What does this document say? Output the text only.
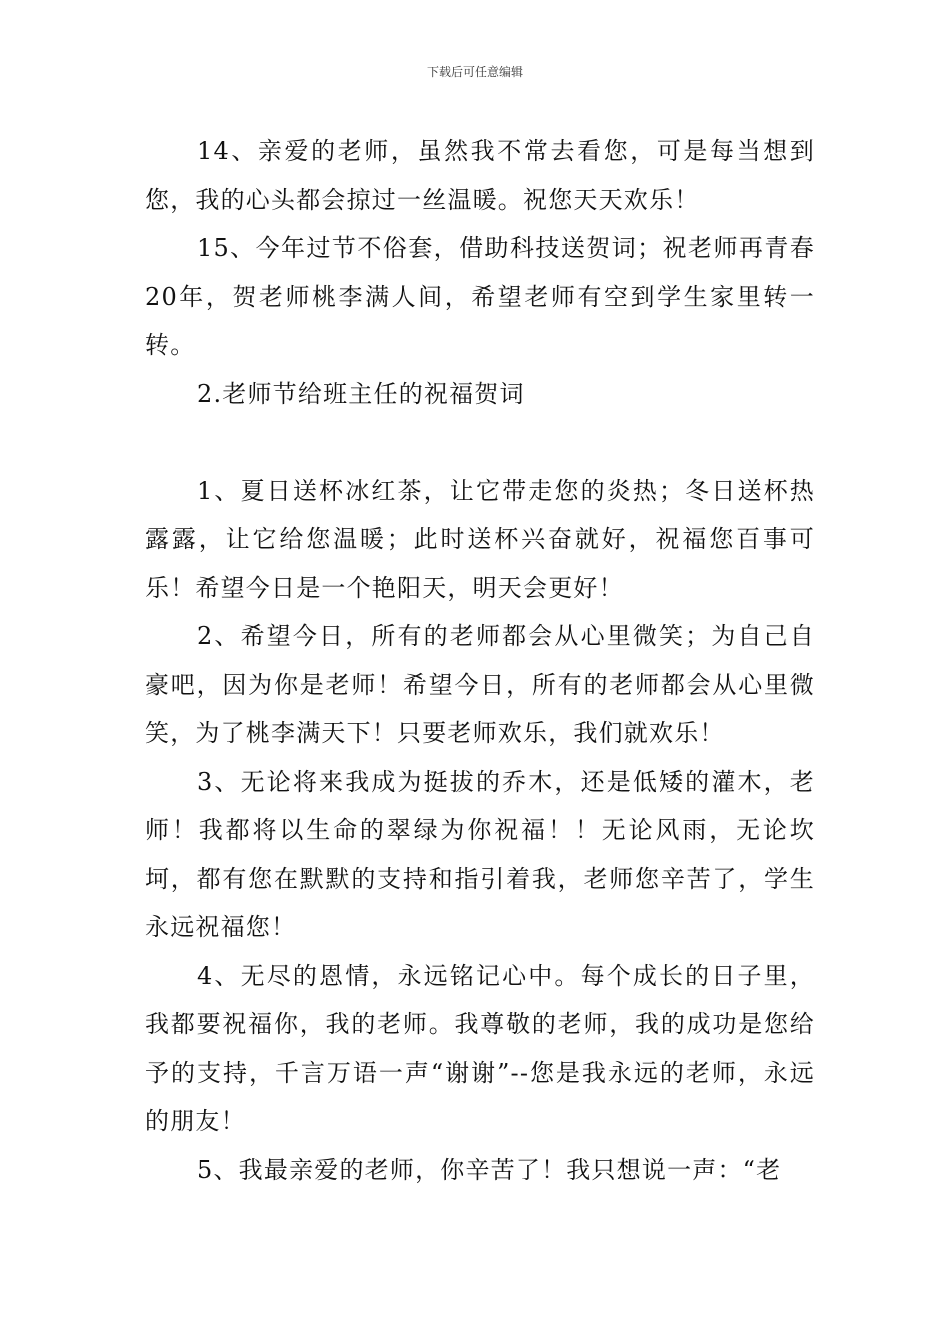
下载后可任意编辑

14、亲爱的老师，虽然我不常去看您，可是每当想到您，我的心头都会掠过一丝温暖。祝您天天欢乐！

15、今年过节不俗套，借助科技送贺词；祝老师再青春20年，贺老师桃李满人间，希望老师有空到学生家里转一转。

2.老师节给班主任的祝福贺词

1、夏日送杯冰红茶，让它带走您的炎热；冬日送杯热露露，让它给您温暖；此时送杯兴奋就好，祝福您百事可乐！希望今日是一个艳阳天，明天会更好！

2、希望今日，所有的老师都会从心里微笑；为自己自豪吧，因为你是老师！希望今日，所有的老师都会从心里微笑，为了桃李满天下！只要老师欢乐，我们就欢乐！

3、无论将来我成为挺拔的乔木，还是低矮的灌木，老师！我都将以生命的翠绿为你祝福！！无论风雨，无论坎坷，都有您在默默的支持和指引着我，老师您辛苦了，学生永远祝福您！

4、无尽的恩情，永远铭记心中。每个成长的日子里，我都要祝福你，我的老师。我尊敬的老师，我的成功是您给予的支持，千言万语一声“谢谢”--您是我永远的老师，永远的朋友！

5、我最亲爱的老师，你辛苦了！我只想说一声：“老
